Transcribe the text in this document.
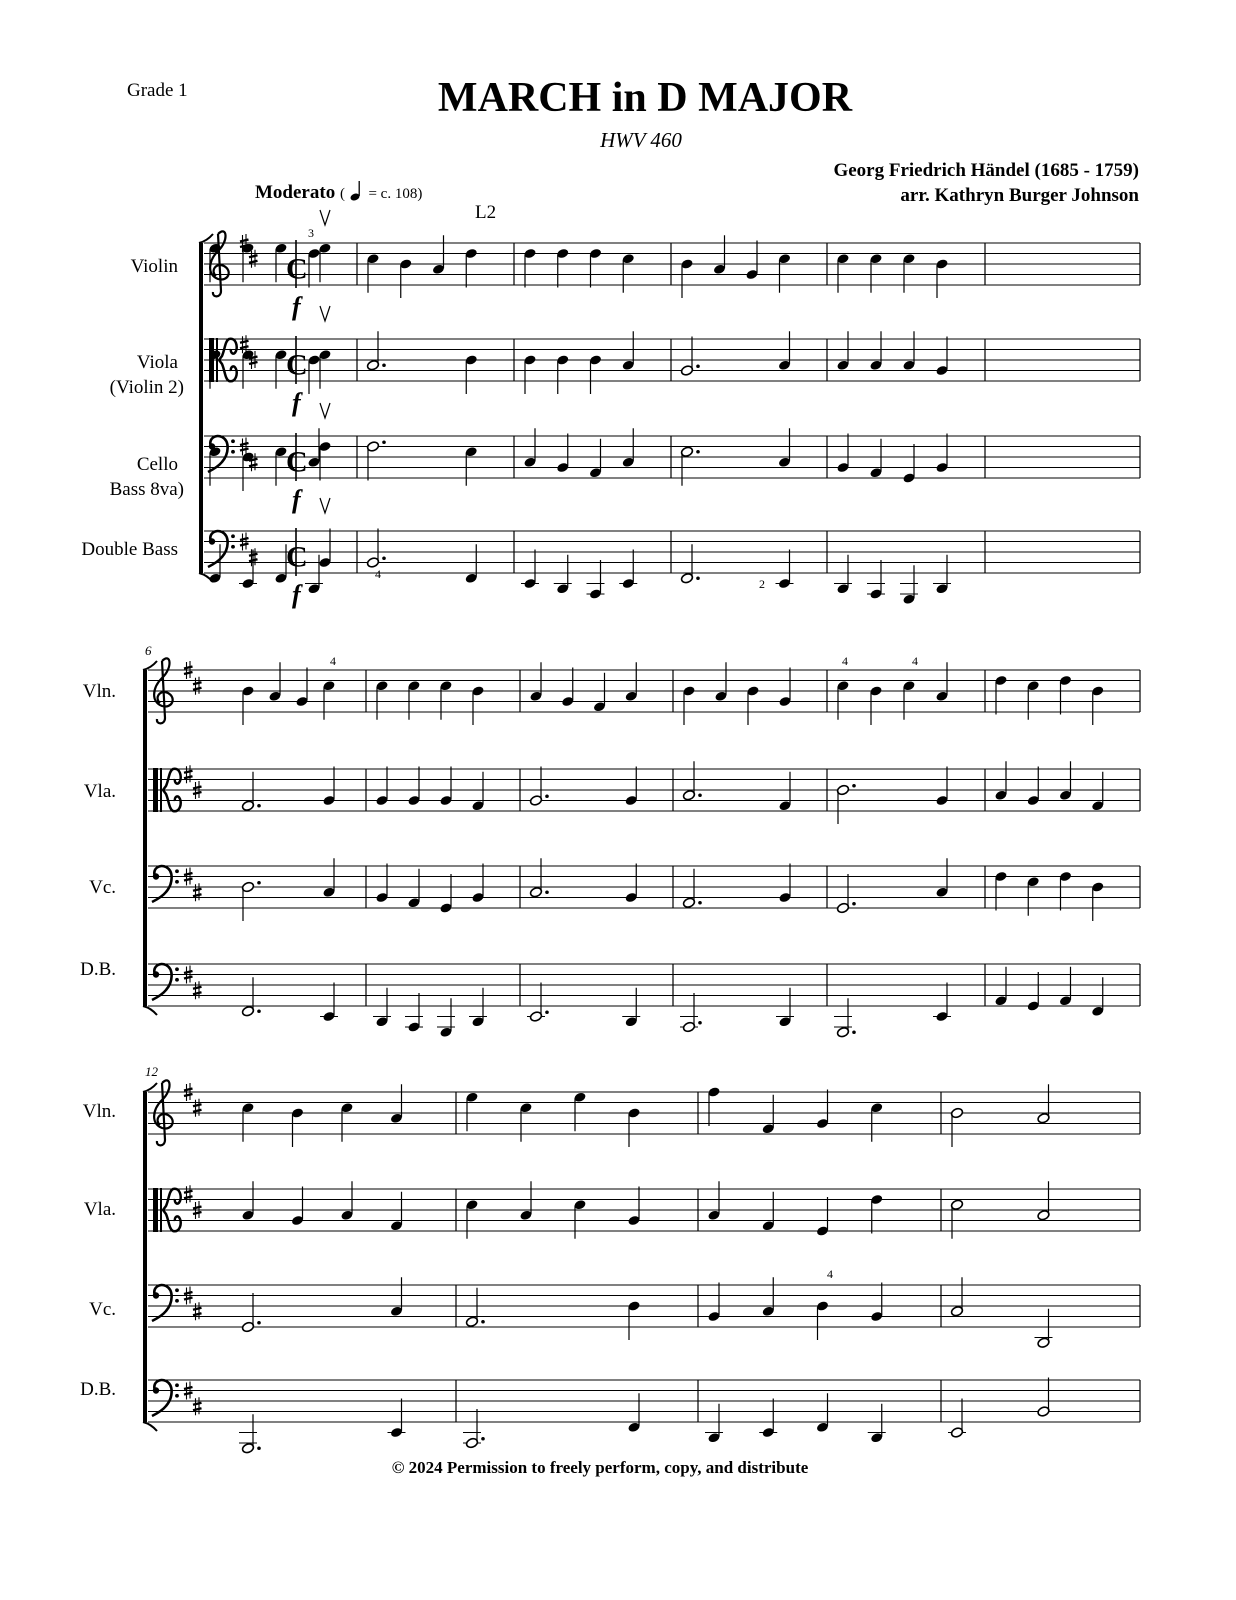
Grade 1	MARCH in D MAJOR
HWV 460
Georg Friedrich Händel (1685 - 1759)
arr. Kathryn Burger Johnson
Moderato ( = c. 108)
© 2024 Permission to freely perform, copy, and distribute
C
C
C
C
6
12
f
f
f
f
L2
3
4
2
4	4	4
4
Violin
Viola
(Violin 2)
Cello
Bass 8va)
Double Bass
Vln.
Vla.
Vc.
D.B.
Vln.
Vla.
Vc.
D.B.
